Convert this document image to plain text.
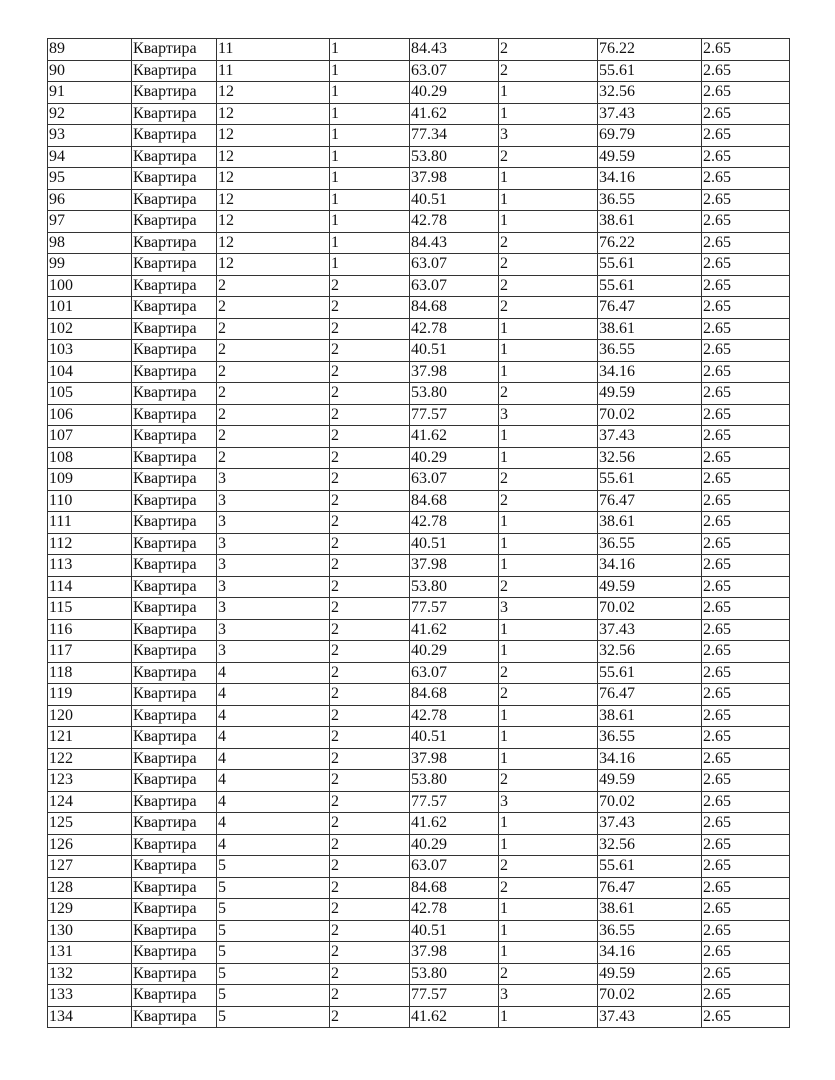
89	Квартира	11	1	84.43	2	76.22	2.65
90	Квартира	11	1	63.07	2	55.61	2.65
91	Квартира	12	1	40.29	1	32.56	2.65
92	Квартира	12	1	41.62	1	37.43	2.65
93	Квартира	12	1	77.34	3	69.79	2.65
94	Квартира	12	1	53.80	2	49.59	2.65
95	Квартира	12	1	37.98	1	34.16	2.65
96	Квартира	12	1	40.51	1	36.55	2.65
97	Квартира	12	1	42.78	1	38.61	2.65
98	Квартира	12	1	84.43	2	76.22	2.65
99	Квартира	12	1	63.07	2	55.61	2.65
100	Квартира	2	2	63.07	2	55.61	2.65
101	Квартира	2	2	84.68	2	76.47	2.65
102	Квартира	2	2	42.78	1	38.61	2.65
103	Квартира	2	2	40.51	1	36.55	2.65
104	Квартира	2	2	37.98	1	34.16	2.65
105	Квартира	2	2	53.80	2	49.59	2.65
106	Квартира	2	2	77.57	3	70.02	2.65
107	Квартира	2	2	41.62	1	37.43	2.65
108	Квартира	2	2	40.29	1	32.56	2.65
109	Квартира	3	2	63.07	2	55.61	2.65
110	Квартира	3	2	84.68	2	76.47	2.65
111	Квартира	3	2	42.78	1	38.61	2.65
112	Квартира	3	2	40.51	1	36.55	2.65
113	Квартира	3	2	37.98	1	34.16	2.65
114	Квартира	3	2	53.80	2	49.59	2.65
115	Квартира	3	2	77.57	3	70.02	2.65
116	Квартира	3	2	41.62	1	37.43	2.65
117	Квартира	3	2	40.29	1	32.56	2.65
118	Квартира	4	2	63.07	2	55.61	2.65
119	Квартира	4	2	84.68	2	76.47	2.65
120	Квартира	4	2	42.78	1	38.61	2.65
121	Квартира	4	2	40.51	1	36.55	2.65
122	Квартира	4	2	37.98	1	34.16	2.65
123	Квартира	4	2	53.80	2	49.59	2.65
124	Квартира	4	2	77.57	3	70.02	2.65
125	Квартира	4	2	41.62	1	37.43	2.65
126	Квартира	4	2	40.29	1	32.56	2.65
127	Квартира	5	2	63.07	2	55.61	2.65
128	Квартира	5	2	84.68	2	76.47	2.65
129	Квартира	5	2	42.78	1	38.61	2.65
130	Квартира	5	2	40.51	1	36.55	2.65
131	Квартира	5	2	37.98	1	34.16	2.65
132	Квартира	5	2	53.80	2	49.59	2.65
133	Квартира	5	2	77.57	3	70.02	2.65
134	Квартира	5	2	41.62	1	37.43	2.65
